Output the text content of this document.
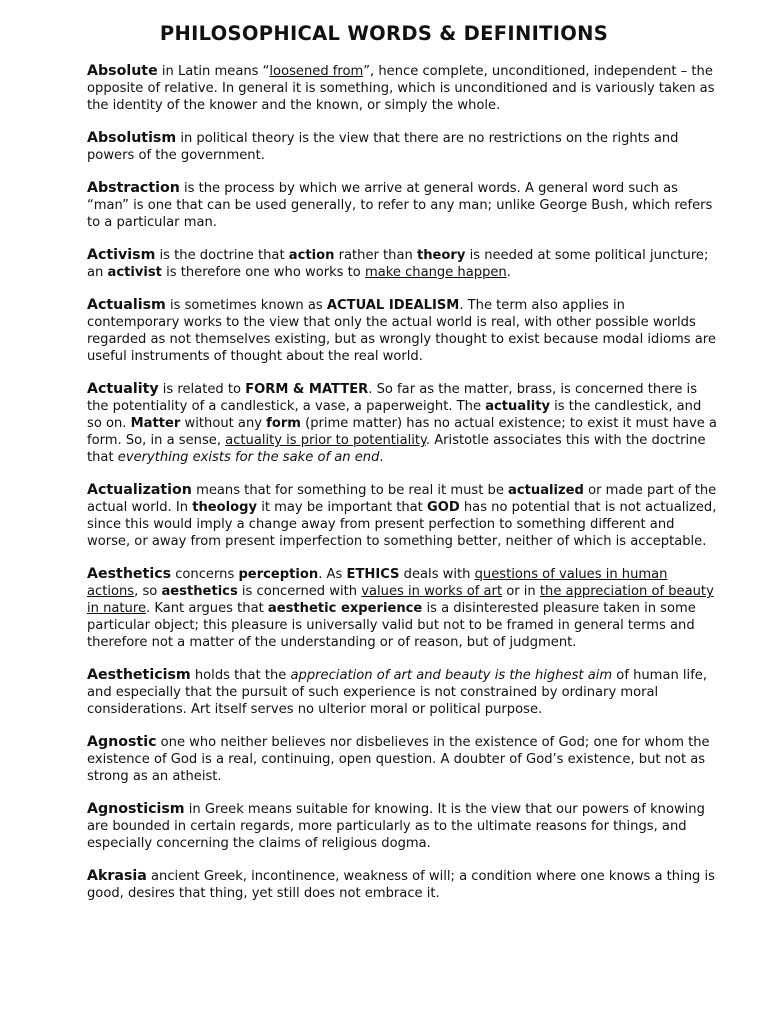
PHILOSOPHICAL WORDS & DEFINITIONS

Absolute in Latin means “loosened from”, hence complete, unconditioned, independent – the opposite of relative. In general it is something, which is unconditioned and is variously taken as the identity of the knower and the known, or simply the whole.

Absolutism in political theory is the view that there are no restrictions on the rights and powers of the government.

Abstraction is the process by which we arrive at general words. A general word such as “man” is one that can be used generally, to refer to any man; unlike George Bush, which refers to a particular man.

Activism is the doctrine that action rather than theory is needed at some political juncture; an activist is therefore one who works to make change happen.

Actualism is sometimes known as ACTUAL IDEALISM. The term also applies in contemporary works to the view that only the actual world is real, with other possible worlds regarded as not themselves existing, but as wrongly thought to exist because modal idioms are useful instruments of thought about the real world.

Actuality is related to FORM & MATTER. So far as the matter, brass, is concerned there is the potentiality of a candlestick, a vase, a paperweight. The actuality is the candlestick, and so on. Matter without any form (prime matter) has no actual existence; to exist it must have a form. So, in a sense, actuality is prior to potentiality. Aristotle associates this with the doctrine that everything exists for the sake of an end.

Actualization means that for something to be real it must be actualized or made part of the actual world. In theology it may be important that GOD has no potential that is not actualized, since this would imply a change away from present perfection to something different and worse, or away from present imperfection to something better, neither of which is acceptable.

Aesthetics concerns perception. As ETHICS deals with questions of values in human actions, so aesthetics is concerned with values in works of art or in the appreciation of beauty in nature. Kant argues that aesthetic experience is a disinterested pleasure taken in some particular object; this pleasure is universally valid but not to be framed in general terms and therefore not a matter of the understanding or of reason, but of judgment.

Aestheticism holds that the appreciation of art and beauty is the highest aim of human life, and especially that the pursuit of such experience is not constrained by ordinary moral considerations. Art itself serves no ulterior moral or political purpose.

Agnostic one who neither believes nor disbelieves in the existence of God; one for whom the existence of God is a real, continuing, open question. A doubter of God’s existence, but not as strong as an atheist.

Agnosticism in Greek means suitable for knowing. It is the view that our powers of knowing are bounded in certain regards, more particularly as to the ultimate reasons for things, and especially concerning the claims of religious dogma.

Akrasia ancient Greek, incontinence, weakness of will; a condition where one knows a thing is good, desires that thing, yet still does not embrace it.
